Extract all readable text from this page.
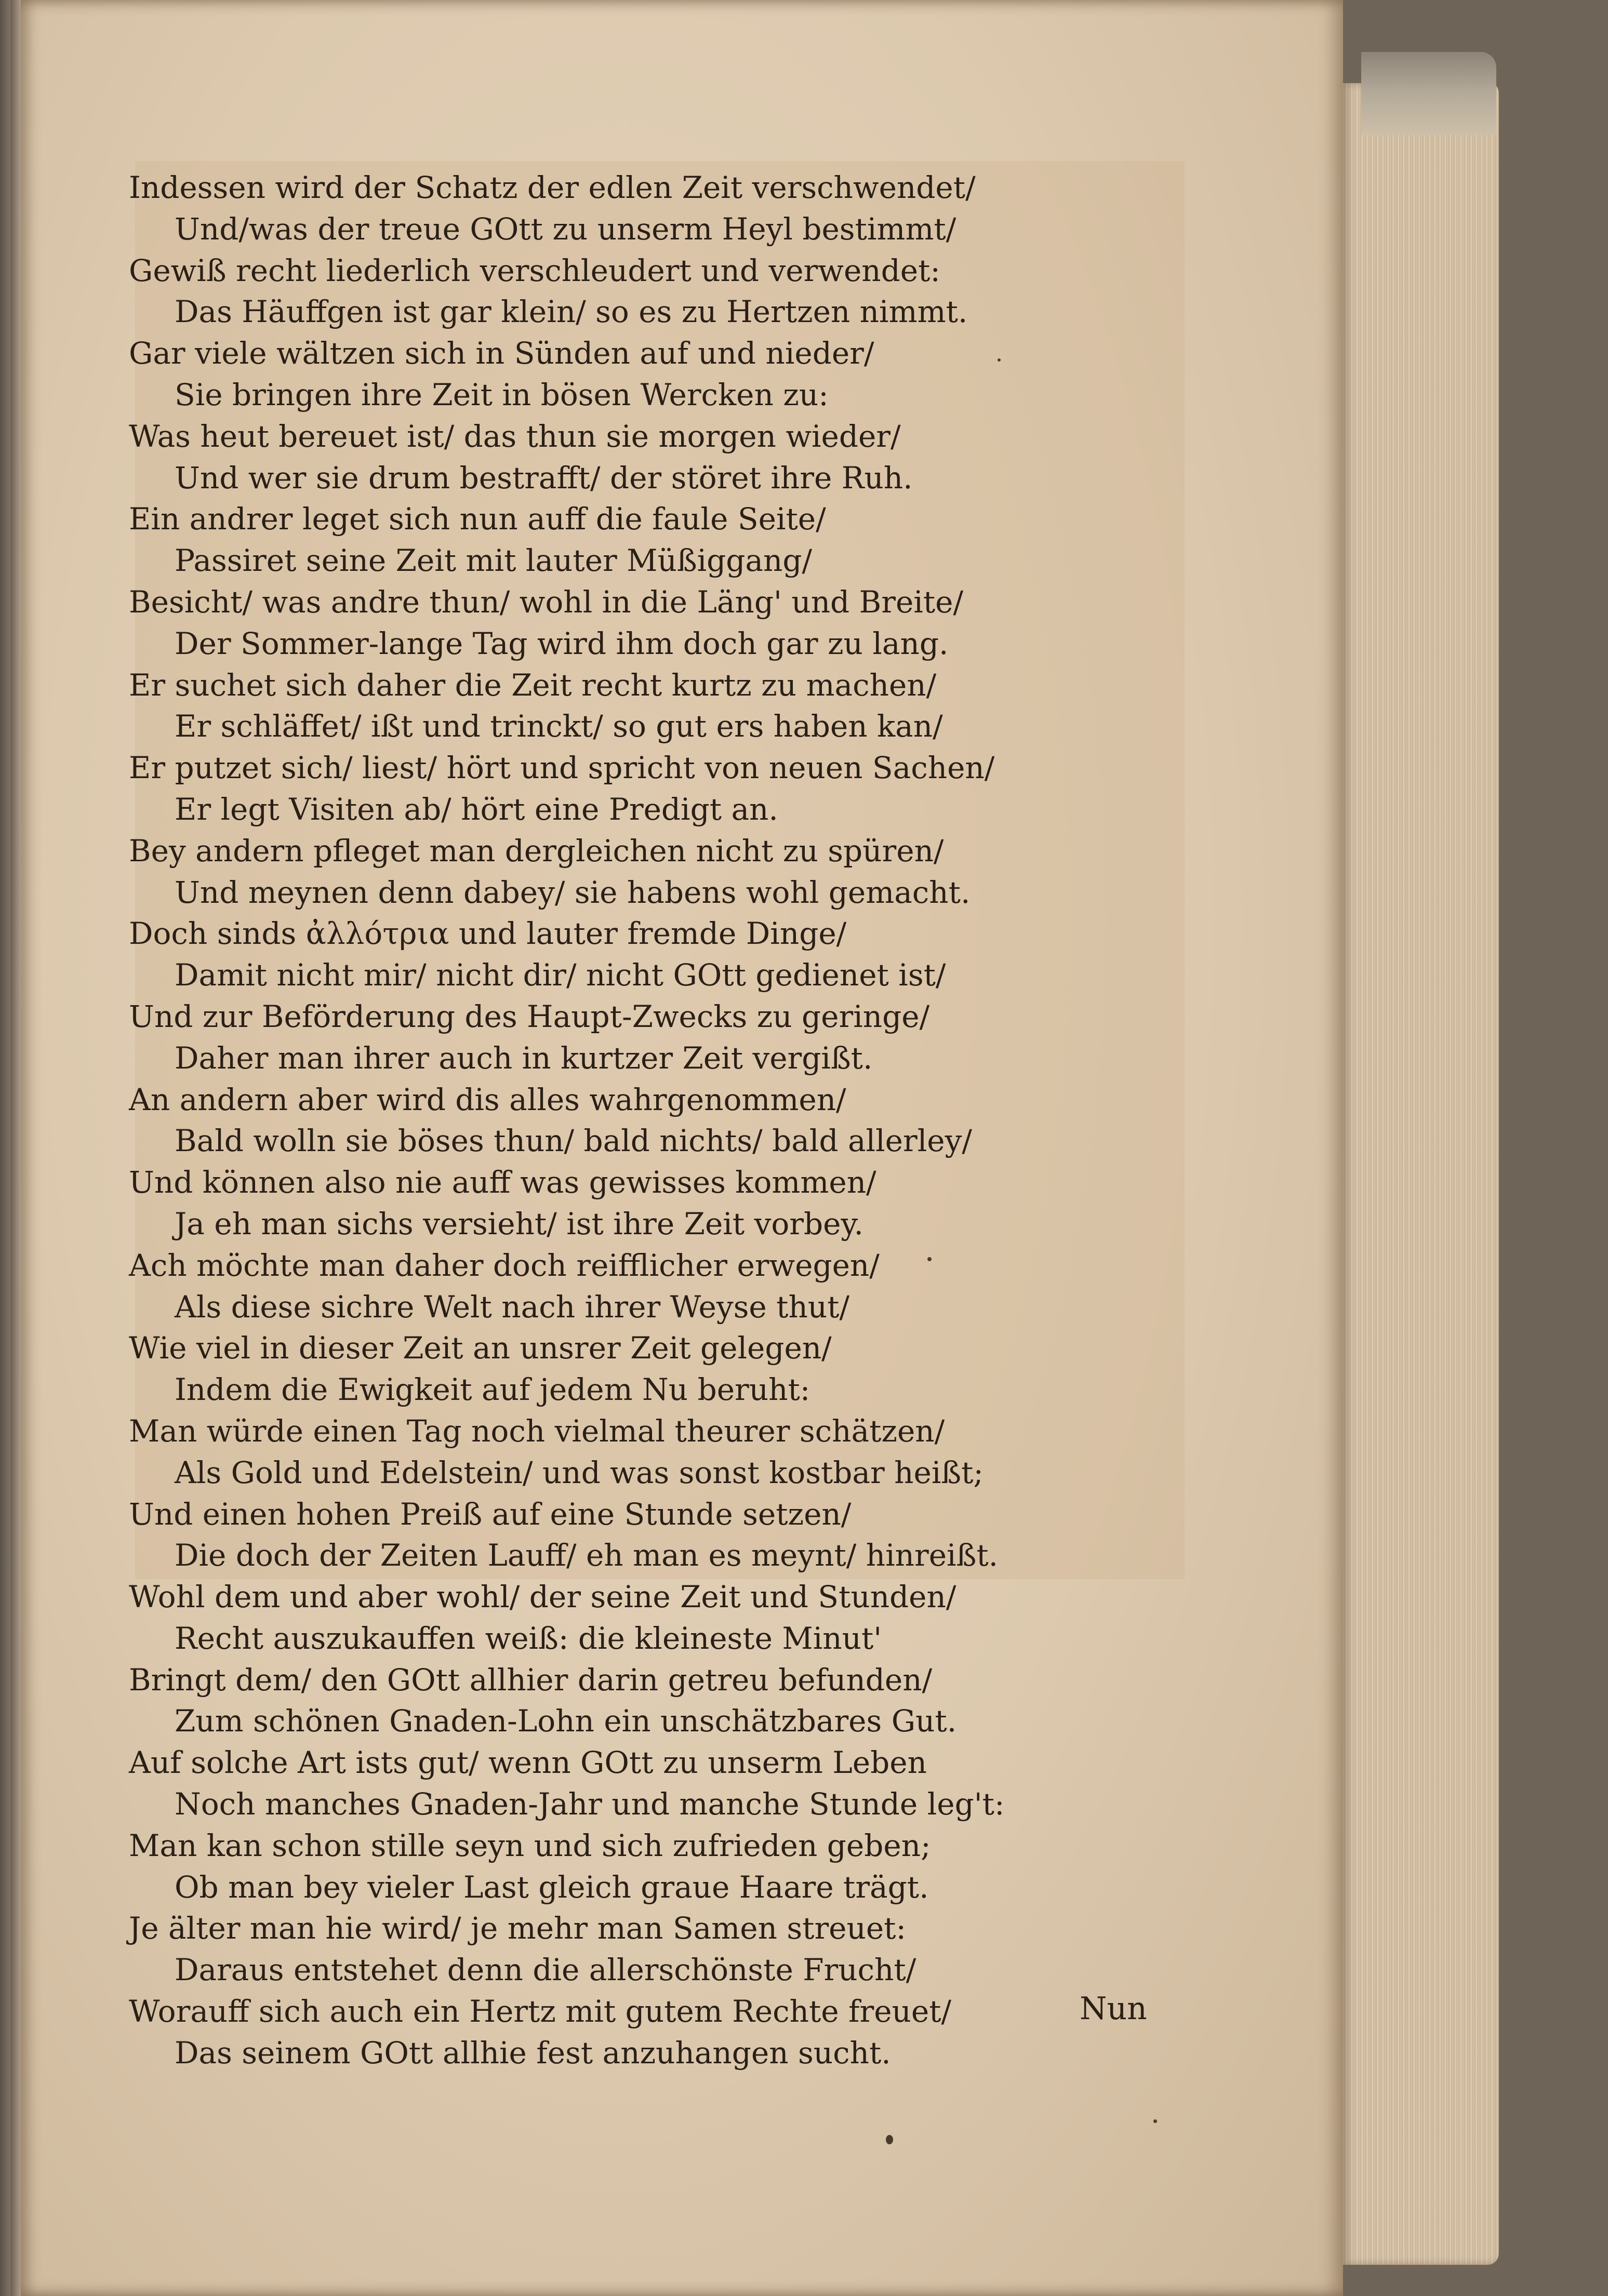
Indessen wird der Schatz der edlen Zeit verschwendet/
Und/was der treue GOtt zu unserm Heyl bestimmt/
Gewiß recht liederlich verschleudert und verwendet:
Das Häuffgen ist gar klein/ so es zu Hertzen nimmt.
Gar viele wältzen sich in Sünden auf und nieder/
Sie bringen ihre Zeit in bösen Wercken zu:
Was heut bereuet ist/ das thun sie morgen wieder/
Und wer sie drum bestrafft/ der störet ihre Ruh.
Ein andrer leget sich nun auff die faule Seite/
Passiret seine Zeit mit lauter Müßiggang/
Besicht/ was andre thun/ wohl in die Läng' und Breite/
Der Sommer-lange Tag wird ihm doch gar zu lang.
Er suchet sich daher die Zeit recht kurtz zu machen/
Er schläffet/ ißt und trinckt/ so gut ers haben kan/
Er putzet sich/ liest/ hört und spricht von neuen Sachen/
Er legt Visiten ab/ hört eine Predigt an.
Bey andern pfleget man dergleichen nicht zu spüren/
Und meynen denn dabey/ sie habens wohl gemacht.
Doch sinds ἀλλότρια und lauter fremde Dinge/
Damit nicht mir/ nicht dir/ nicht GOtt gedienet ist/
Und zur Beförderung des Haupt-Zwecks zu geringe/
Daher man ihrer auch in kurtzer Zeit vergißt.
An andern aber wird dis alles wahrgenommen/
Bald wolln sie böses thun/ bald nichts/ bald allerley/
Und können also nie auff was gewisses kommen/
Ja eh man sichs versieht/ ist ihre Zeit vorbey.
Ach möchte man daher doch reifflicher erwegen/
Als diese sichre Welt nach ihrer Weyse thut/
Wie viel in dieser Zeit an unsrer Zeit gelegen/
Indem die Ewigkeit auf jedem Nu beruht:
Man würde einen Tag noch vielmal theurer schätzen/
Als Gold und Edelstein/ und was sonst kostbar heißt;
Und einen hohen Preiß auf eine Stunde setzen/
Die doch der Zeiten Lauff/ eh man es meynt/ hinreißt.
Wohl dem und aber wohl/ der seine Zeit und Stunden/
Recht auszukauffen weiß: die kleineste Minut'
Bringt dem/ den GOtt allhier darin getreu befunden/
Zum schönen Gnaden-Lohn ein unschätzbares Gut.
Auf solche Art ists gut/ wenn GOtt zu unserm Leben
Noch manches Gnaden-Jahr und manche Stunde leg't:
Man kan schon stille seyn und sich zufrieden geben;
Ob man bey vieler Last gleich graue Haare trägt.
Je älter man hie wird/ je mehr man Samen streuet:
Daraus entstehet denn die allerschönste Frucht/
Worauff sich auch ein Hertz mit gutem Rechte freuet/
Das seinem GOtt allhie fest anzuhangen sucht.
Nun
